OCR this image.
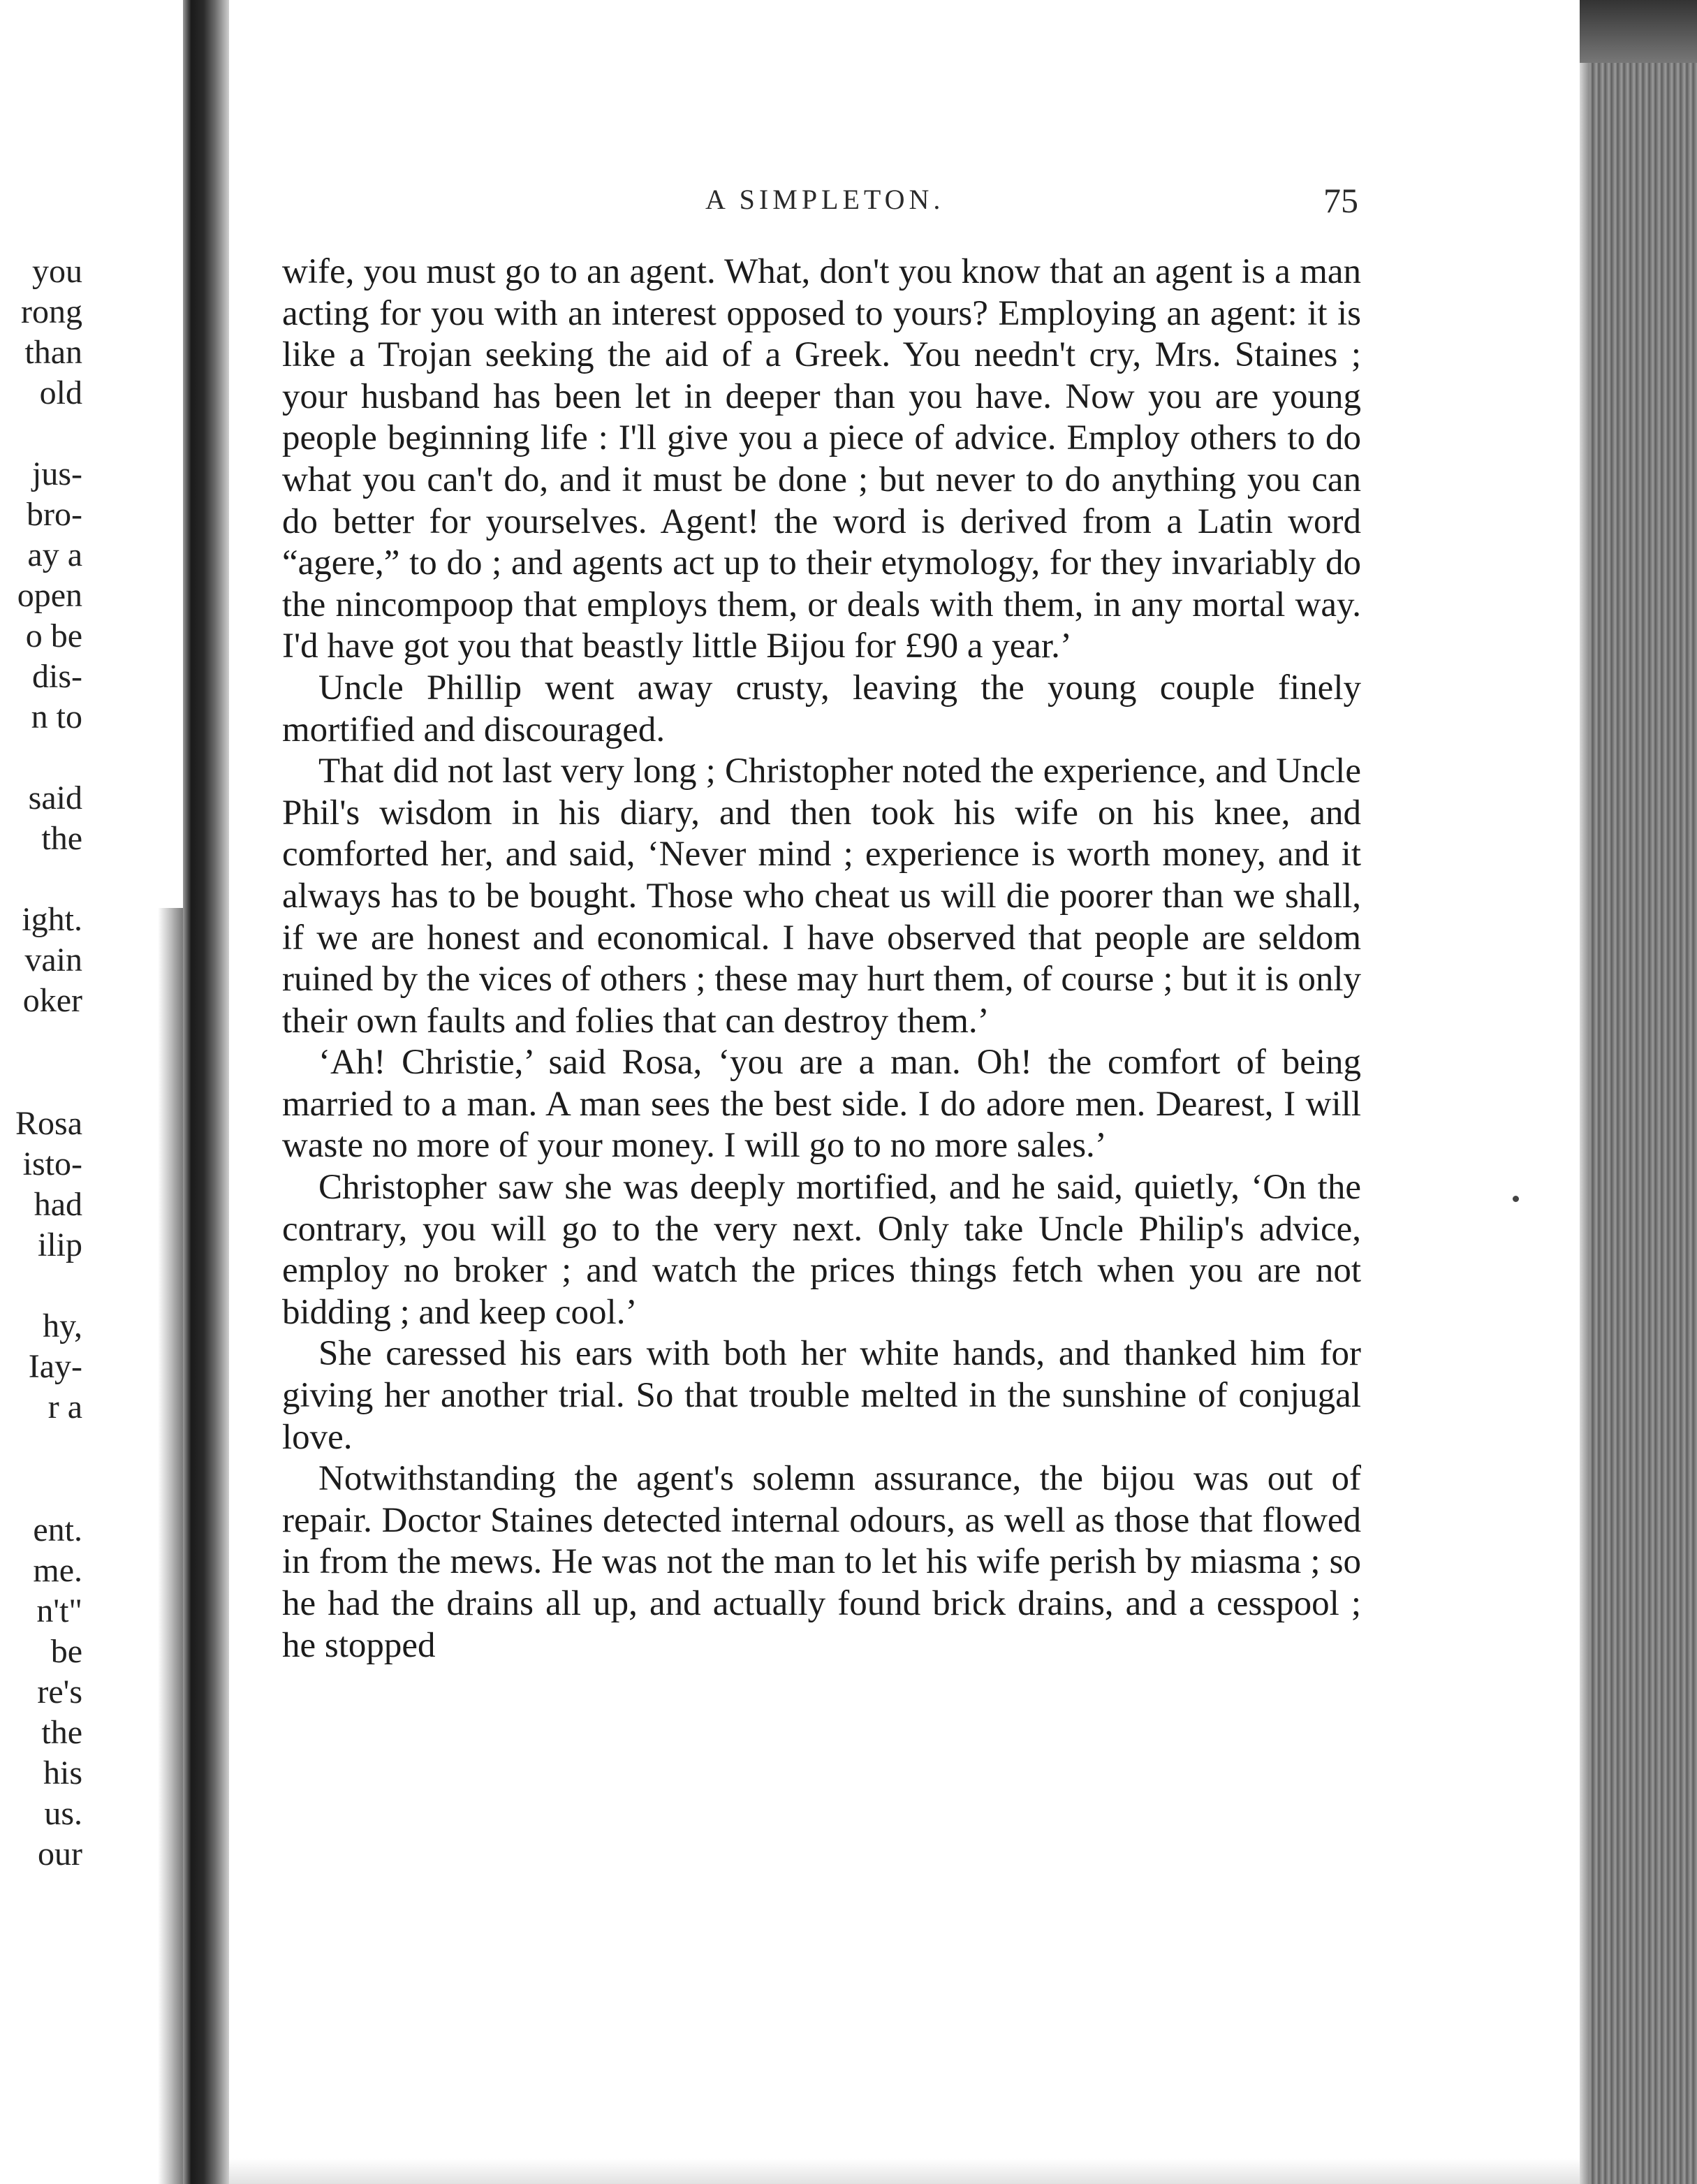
you
rong
than
old
jus-
bro-
ay a
open
o be
dis-
n to
said
the
ight.
vain
oker
Rosa
isto-
had
ilip
hy,
Iay-
r a
ent.
me.
n't"
be
re's
the
his
us.
our
A SIMPLETON.	75

wife, you must go to an agent. What, don't you know that an agent is a man acting for you with an interest opposed to yours? Employing an agent: it is like a Trojan seeking the aid of a Greek. You needn't cry, Mrs. Staines ; your husband has been let in deeper than you have. Now you are young people beginning life : I'll give you a piece of advice. Employ others to do what you can't do, and it must be done ; but never to do anything you can do better for yourselves. Agent! the word is derived from a Latin word “agere,” to do ; and agents act up to their etymology, for they invariably do the nincompoop that employs them, or deals with them, in any mortal way. I'd have got you that beastly little Bijou for £90 a year.’

Uncle Phillip went away crusty, leaving the young couple finely mortified and discouraged.

That did not last very long ; Christopher noted the experience, and Uncle Phil's wisdom in his diary, and then took his wife on his knee, and comforted her, and said, ‘Never mind ; experience is worth money, and it always has to be bought. Those who cheat us will die poorer than we shall, if we are honest and economical. I have observed that people are seldom ruined by the vices of others ; these may hurt them, of course ; but it is only their own faults and folies that can destroy them.’

‘Ah! Christie,’ said Rosa, ‘you are a man. Oh! the comfort of being married to a man. A man sees the best side. I do adore men. Dearest, I will waste no more of your money. I will go to no more sales.’

Christopher saw she was deeply mortified, and he said, quietly, ‘On the contrary, you will go to the very next. Only take Uncle Philip's advice, employ no broker ; and watch the prices things fetch when you are not bidding ; and keep cool.’

She caressed his ears with both her white hands, and thanked him for giving her another trial. So that trouble melted in the sunshine of conjugal love.

Notwithstanding the agent's solemn assurance, the bijou was out of repair. Doctor Staines detected internal odours, as well as those that flowed in from the mews. He was not the man to let his wife perish by miasma ; so he had the drains all up, and actually found brick drains, and a cesspool ; he stopped
